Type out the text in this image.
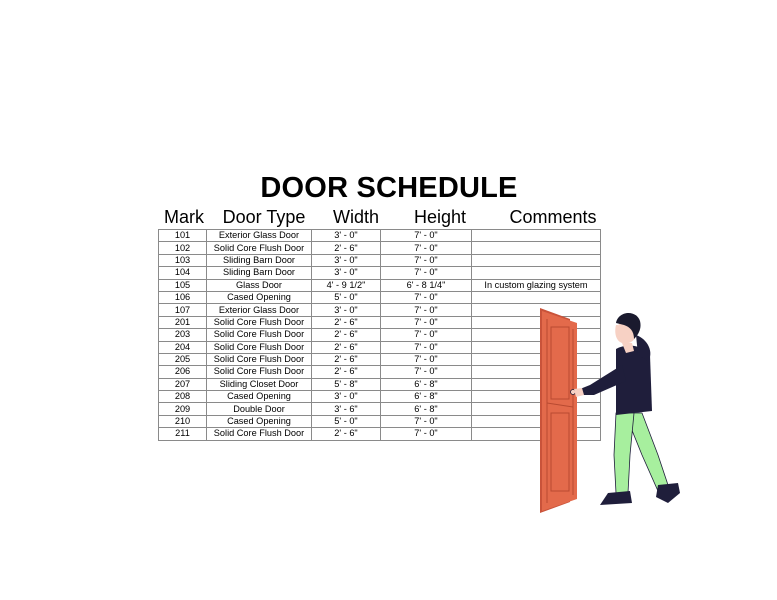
DOOR SCHEDULE
Mark	Door Type	Width	Height	Comments
101	Exterior Glass Door	3' - 0"	7' - 0"	
102	Solid Core Flush Door	2' - 6"	7' - 0"	
103	Sliding Barn Door	3' - 0"	7' - 0"	
104	Sliding Barn Door	3' - 0"	7' - 0"	
105	Glass Door	4' - 9 1/2"	6' - 8 1/4"	In custom glazing system
106	Cased Opening	5' - 0"	7' - 0"	
107	Exterior Glass Door	3' - 0"	7' - 0"	
201	Solid Core Flush Door	2' - 6"	7' - 0"	
203	Solid Core Flush Door	2' - 6"	7' - 0"	
204	Solid Core Flush Door	2' - 6"	7' - 0"	
205	Solid Core Flush Door	2' - 6"	7' - 0"	
206	Solid Core Flush Door	2' - 6"	7' - 0"	
207	Sliding Closet Door	5' - 8"	6' - 8"	
208	Cased Opening	3' - 0"	6' - 8"	
209	Double Door	3' - 6"	6' - 8"	
210	Cased Opening	5' - 0"	7' - 0"	
211	Solid Core Flush Door	2' - 6"	7' - 0"	
